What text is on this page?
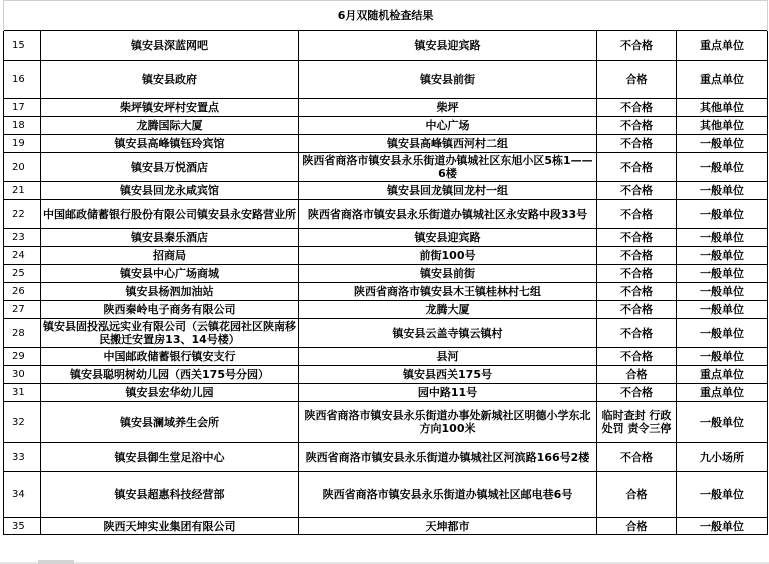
6月双随机检查结果				
15	镇安县深蓝网吧	镇安县迎宾路	不合格	重点单位
16	镇安县政府	镇安县前街	合格	重点单位
17	柴坪镇安坪村安置点	柴坪	不合格	其他单位
18	龙腾国际大厦	中心广场	不合格	其他单位
19	镇安县高峰镇钰玲宾馆	镇安县高峰镇西河村二组	不合格	一般单位
20	镇安县万悦酒店	陕西省商洛市镇安县永乐街道办镇城社区东旭小区5栋1——6楼	不合格	一般单位
21	镇安县回龙永咸宾馆	镇安县回龙镇回龙村一组	不合格	一般单位
22	中国邮政储蓄银行股份有限公司镇安县永安路营业所	陕西省商洛市镇安县永乐街道办镇城社区永安路中段33号	不合格	一般单位
23	镇安县秦乐酒店	镇安县迎宾路	不合格	一般单位
24	招商局	前街100号	不合格	一般单位
25	镇安县中心广场商城	镇安县前街	不合格	一般单位
26	镇安县杨泗加油站	陕西省商洛市镇安县木王镇桂林村七组	不合格	一般单位
27	陕西秦岭电子商务有限公司	龙腾大厦	不合格	一般单位
28	镇安县固投泓远实业有限公司（云镇花园社区陕南移民搬迁安置房13、14号楼）	镇安县云盖寺镇云镇村	不合格	一般单位
29	中国邮政储蓄银行镇安支行	县河	不合格	一般单位
30	镇安县聪明树幼儿园（西关175号分园）	镇安县西关175号	合格	重点单位
31	镇安县宏华幼儿园	园中路11号	不合格	重点单位
32	镇安县澜域养生会所	陕西省商洛市镇安县永乐街道办事处新城社区明德小学东北方向100米	临时查封 行政处罚 责令三停	一般单位
33	镇安县御生堂足浴中心	陕西省商洛市镇安县永乐街道办镇城社区河滨路166号2楼	不合格	九小场所
34	镇安县超惠科技经营部	陕西省商洛市镇安县永乐街道办镇城社区邮电巷6号	合格	一般单位
35	陕西天坤实业集团有限公司	天坤都市	合格	一般单位
